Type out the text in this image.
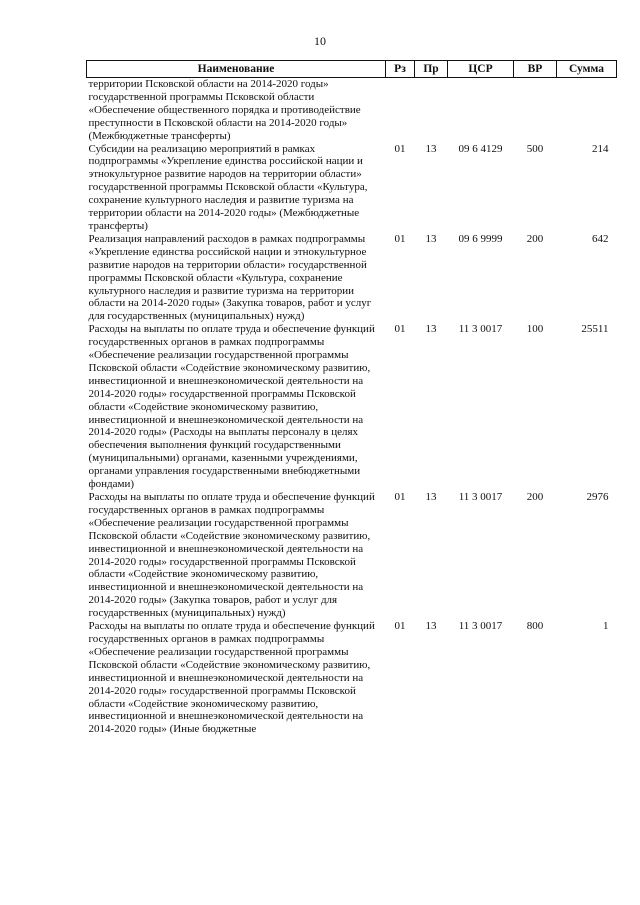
10
Наименование	Рз	Пр	ЦСР	ВР	Сумма
территории Псковской области на 2014-2020 годы» государственной программы Псковской области «Обеспечение общественного порядка и противодействие преступности в Псковской области на 2014-2020 годы» (Межбюджетные трансферты)					
Субсидии на реализацию мероприятий в рамках подпрограммы «Укрепление единства российской нации и этнокультурное развитие народов на территории области» государственной программы Псковской области «Культура, сохранение культурного наследия и развитие туризма на территории области на 2014-2020 годы» (Межбюджетные трансферты)	01	13	09 6 4129	500	214
Реализация направлений расходов в рамках подпрограммы «Укрепление единства российской нации и этнокультурное развитие народов на территории области» государственной программы Псковской области «Культура, сохранение культурного наследия и развитие туризма на территории области на 2014-2020 годы» (Закупка товаров, работ и услуг для государственных (муниципальных) нужд)	01	13	09 6 9999	200	642
Расходы на выплаты по оплате труда и обеспечение функций государственных органов в рамках подпрограммы «Обеспечение реализации государственной программы Псковской области «Содействие экономическому развитию, инвестиционной и внешнеэкономической деятельности на 2014-2020 годы» государственной программы Псковской области «Содействие экономическому развитию, инвестиционной и внешнеэкономической деятельности на 2014-2020 годы» (Расходы на выплаты персоналу в целях обеспечения выполнения функций государственными (муниципальными) органами, казенными учреждениями, органами управления государственными внебюджетными фондами)	01	13	11 3 0017	100	25511
Расходы на выплаты по оплате труда и обеспечение функций государственных органов в рамках подпрограммы «Обеспечение реализации государственной программы Псковской области «Содействие экономическому развитию, инвестиционной и внешнеэкономической деятельности на 2014-2020 годы» государственной программы Псковской области «Содействие экономическому развитию, инвестиционной и внешнеэкономической деятельности на 2014-2020 годы» (Закупка товаров, работ и услуг для государственных (муниципальных) нужд)	01	13	11 3 0017	200	2976
Расходы на выплаты по оплате труда и обеспечение функций государственных органов в рамках подпрограммы «Обеспечение реализации государственной программы Псковской области «Содействие экономическому развитию, инвестиционной и внешнеэкономической деятельности на 2014-2020 годы» государственной программы Псковской области «Содействие экономическому развитию, инвестиционной и внешнеэкономической деятельности на 2014-2020 годы» (Иные бюджетные	01	13	11 3 0017	800	1
